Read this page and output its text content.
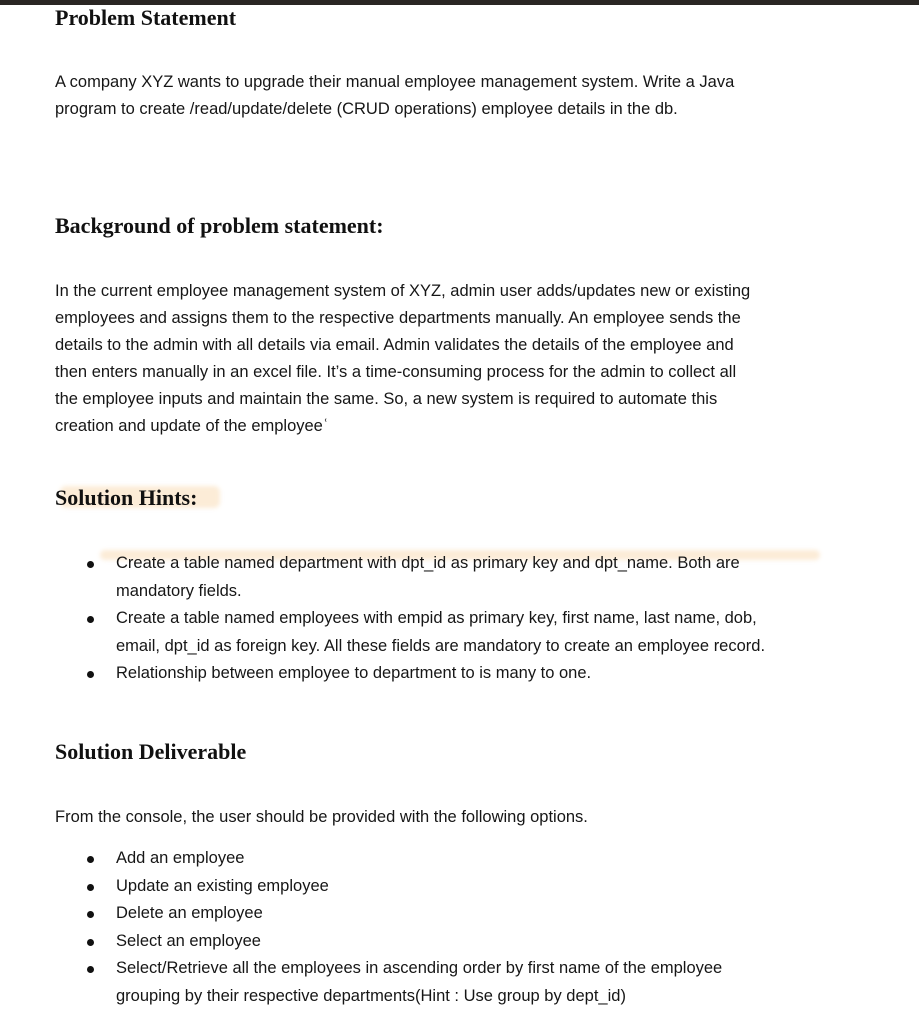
Problem Statement
A company XYZ wants to upgrade their manual employee management system. Write a Java
program to create /read/update/delete (CRUD operations) employee details in the db.
Background of problem statement:
In the current employee management system of XYZ, admin user adds/updates new or existing
employees and assigns them to the respective departments manually. An employee sends the
details to the admin with all details via email. Admin validates the details of the employee and
then enters manually in an excel file. It’s a time-consuming process for the admin to collect all
the employee inputs and maintain the same. So, a new system is required to automate this
creation and update of the employeeʿ
Solution Hints:
Create a table named department with dpt_id as primary key and dpt_name. Both are
mandatory fields.
Create a table named employees with empid as primary key, first name, last name, dob,
email, dpt_id as foreign key. All these fields are mandatory to create an employee record.
Relationship between employee to department to is many to one.
Solution Deliverable
From the console, the user should be provided with the following options.
Add an employee
Update an existing employee
Delete an employee
Select an employee
Select/Retrieve all the employees in ascending order by first name of the employee
grouping by their respective departments(Hint : Use group by dept_id)
